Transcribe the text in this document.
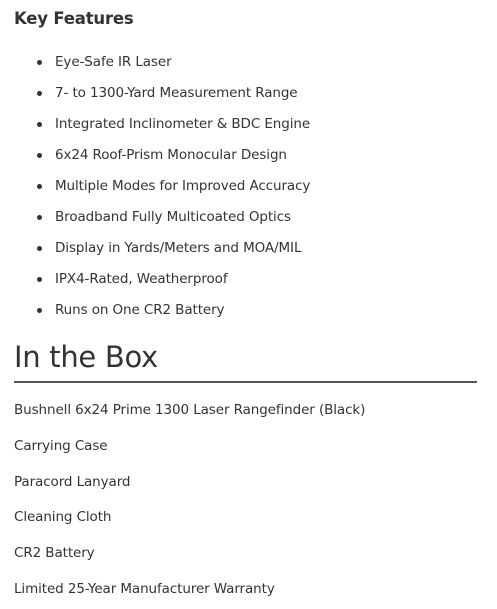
Key Features
Eye-Safe IR Laser
7- to 1300-Yard Measurement Range
Integrated Inclinometer & BDC Engine
6x24 Roof-Prism Monocular Design
Multiple Modes for Improved Accuracy
Broadband Fully Multicoated Optics
Display in Yards/Meters and MOA/MIL
IPX4-Rated, Weatherproof
Runs on One CR2 Battery
In the Box
Bushnell 6x24 Prime 1300 Laser Rangefinder (Black)
Carrying Case
Paracord Lanyard
Cleaning Cloth
CR2 Battery
Limited 25-Year Manufacturer Warranty
